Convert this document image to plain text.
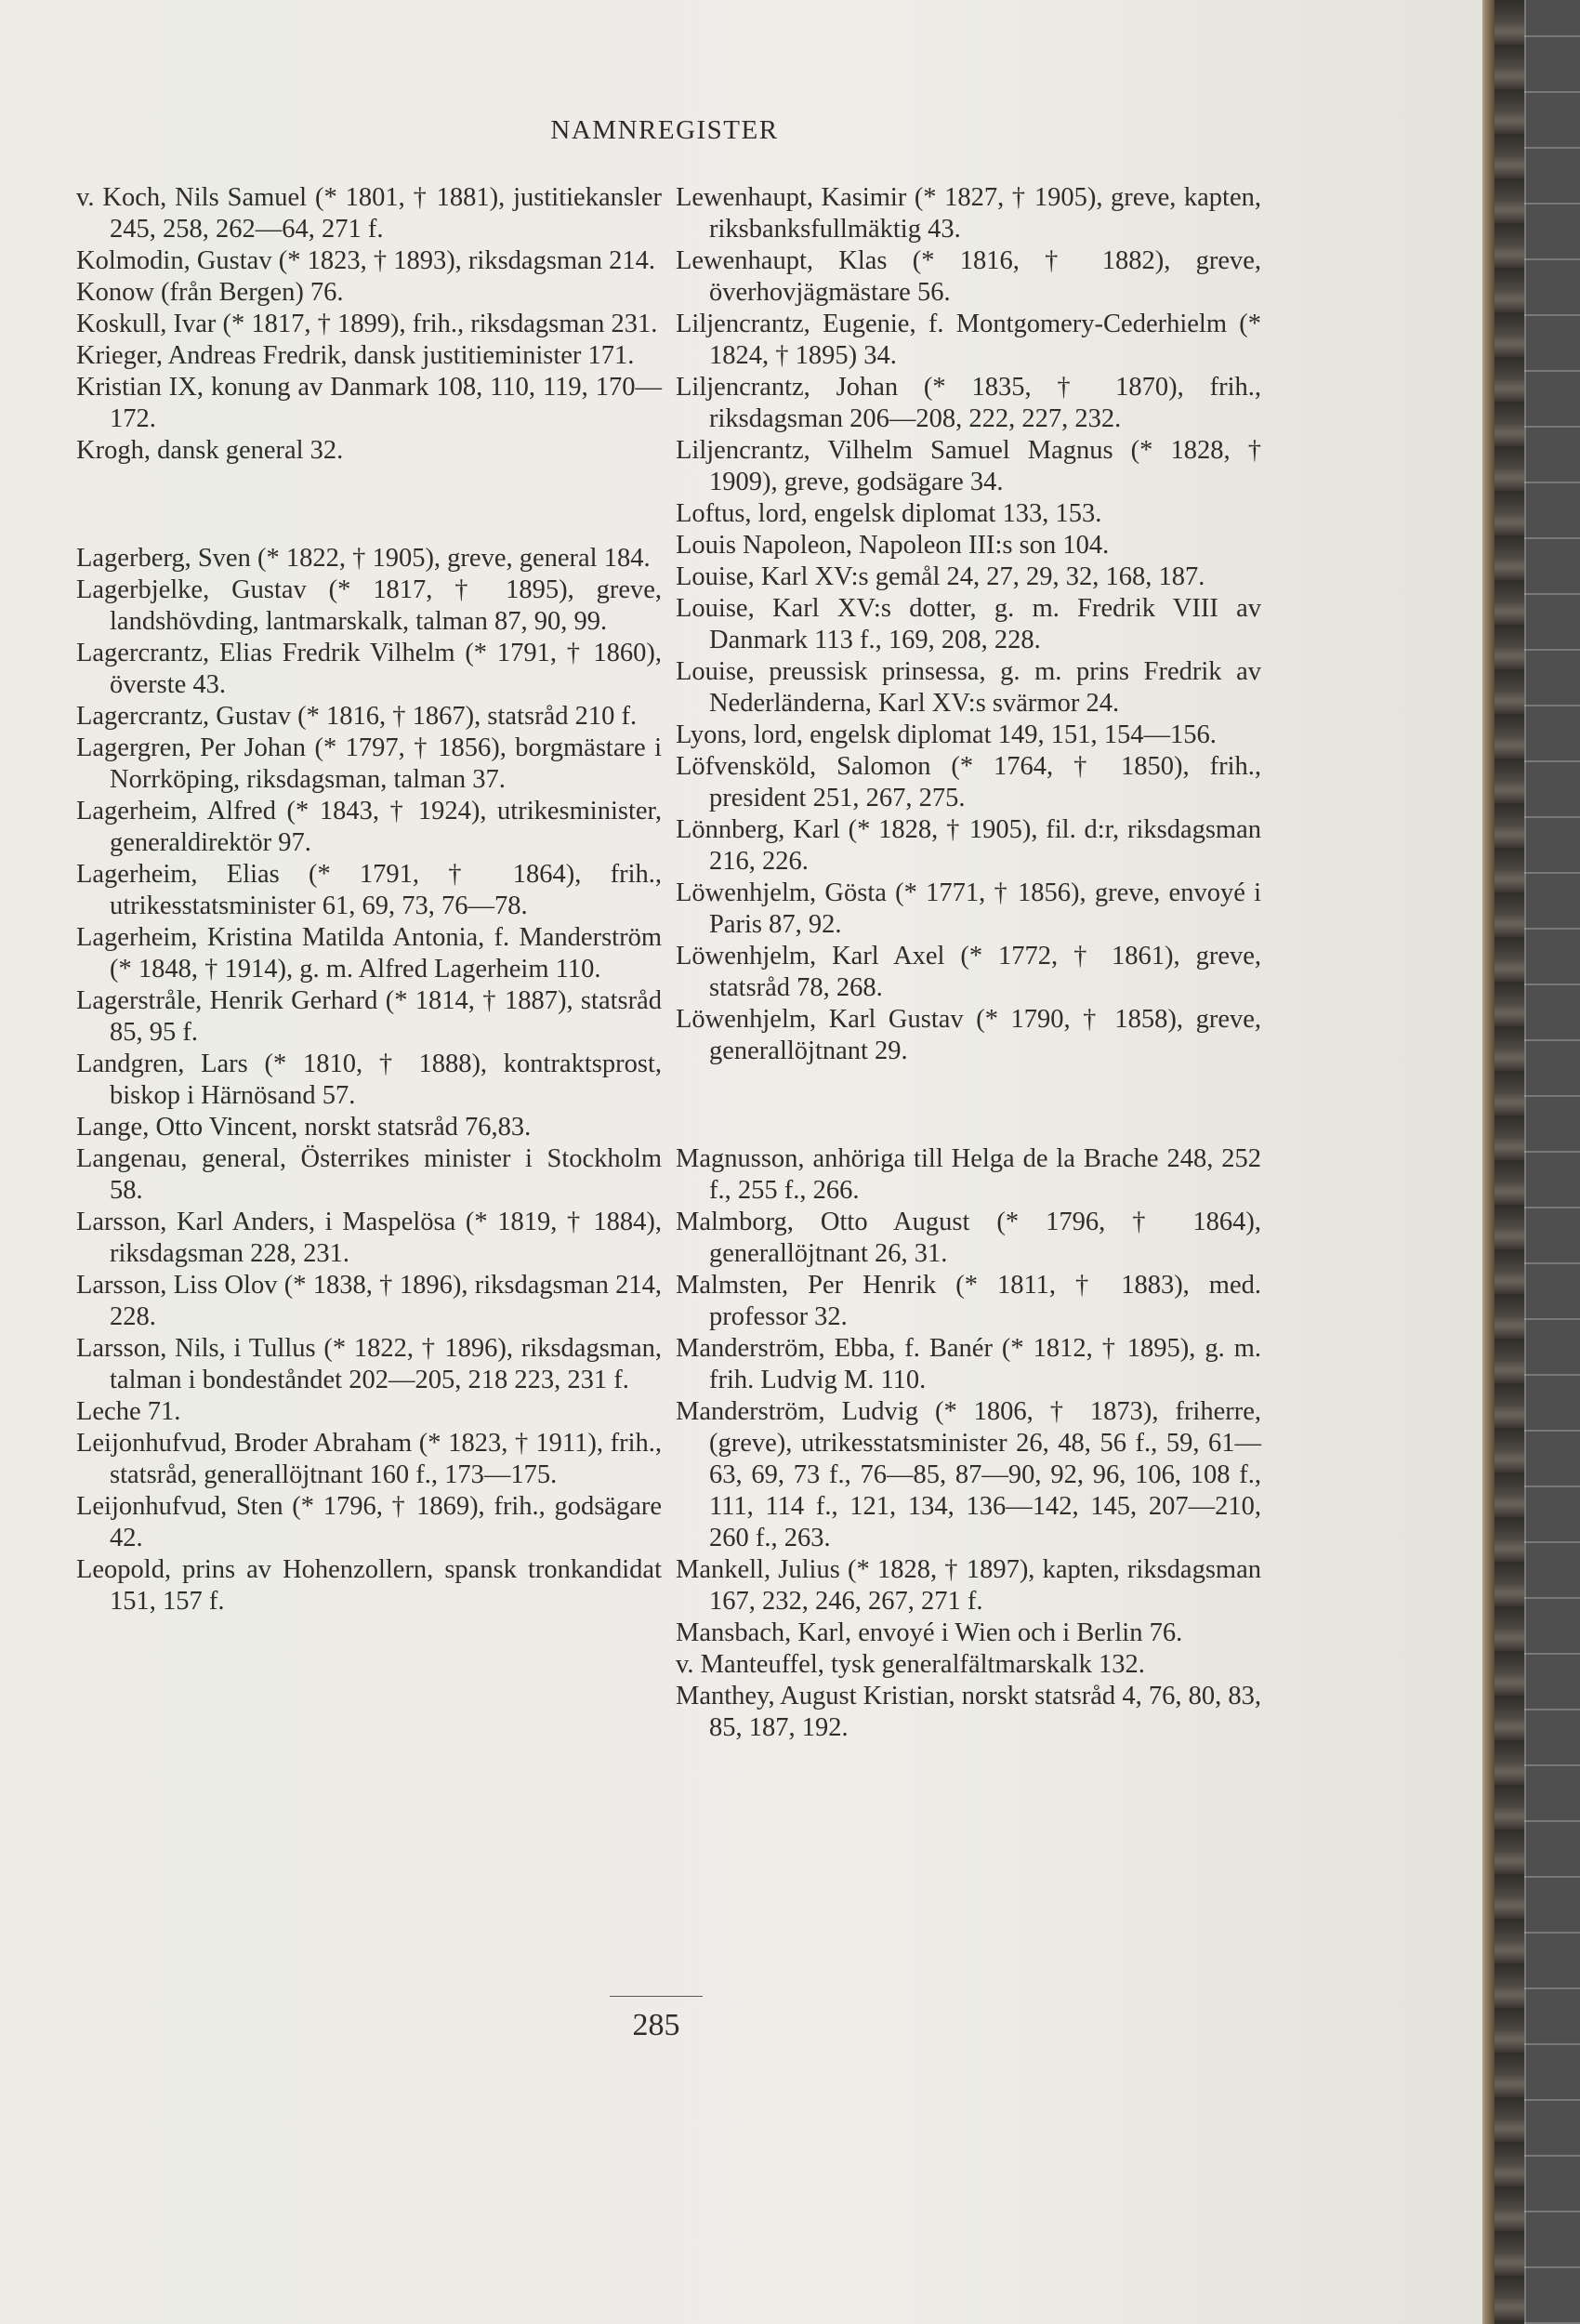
NAMNREGISTER

v. Koch, Nils Samuel (* 1801, † 1881), justitiekansler 245, 258, 262—64, 271 f.

Kolmodin, Gustav (* 1823, † 1893), riksdagsman 214.

Konow (från Bergen) 76.

Koskull, Ivar (* 1817, † 1899), frih., riksdagsman 231.

Krieger, Andreas Fredrik, dansk justitieminister 171.

Kristian IX, konung av Danmark 108, 110, 119, 170—172.

Krogh, dansk general 32.

Lagerberg, Sven (* 1822, † 1905), greve, general 184.

Lagerbjelke, Gustav (* 1817, † 1895), greve, landshövding, lantmarskalk, talman 87, 90, 99.

Lagercrantz, Elias Fredrik Vilhelm (* 1791, † 1860), överste 43.

Lagercrantz, Gustav (* 1816, † 1867), statsråd 210 f.

Lagergren, Per Johan (* 1797, † 1856), borgmästare i Norrköping, riksdagsman, talman 37.

Lagerheim, Alfred (* 1843, † 1924), utrikesminister, generaldirektör 97.

Lagerheim, Elias (* 1791, † 1864), frih., utrikesstatsminister 61, 69, 73, 76—78.

Lagerheim, Kristina Matilda Antonia, f. Manderström (* 1848, † 1914), g. m. Alfred Lagerheim 110.

Lagerstråle, Henrik Gerhard (* 1814, † 1887), statsråd 85, 95 f.

Landgren, Lars (* 1810, † 1888), kontraktsprost, biskop i Härnösand 57.

Lange, Otto Vincent, norskt statsråd 76,83.

Langenau, general, Österrikes minister i Stockholm 58.

Larsson, Karl Anders, i Maspelösa (* 1819, † 1884), riksdagsman 228, 231.

Larsson, Liss Olov (* 1838, † 1896), riksdagsman 214, 228.

Larsson, Nils, i Tullus (* 1822, † 1896), riksdagsman, talman i bondeståndet 202—205, 218 223, 231 f.

Leche 71.

Leijonhufvud, Broder Abraham (* 1823, † 1911), frih., statsråd, generallöjtnant 160 f., 173—175.

Leijonhufvud, Sten (* 1796, † 1869), frih., godsägare 42.

Leopold, prins av Hohenzollern, spansk tronkandidat 151, 157 f.

Lewenhaupt, Kasimir (* 1827, † 1905), greve, kapten, riksbanksfullmäktig 43.

Lewenhaupt, Klas (* 1816, † 1882), greve, överhovjägmästare 56.

Liljencrantz, Eugenie, f. Montgomery-Cederhielm (* 1824, † 1895) 34.

Liljencrantz, Johan (* 1835, † 1870), frih., riksdagsman 206—208, 222, 227, 232.

Liljencrantz, Vilhelm Samuel Magnus (* 1828, † 1909), greve, godsägare 34.

Loftus, lord, engelsk diplomat 133, 153.

Louis Napoleon, Napoleon III:s son 104.

Louise, Karl XV:s gemål 24, 27, 29, 32, 168, 187.

Louise, Karl XV:s dotter, g. m. Fredrik VIII av Danmark 113 f., 169, 208, 228.

Louise, preussisk prinsessa, g. m. prins Fredrik av Nederländerna, Karl XV:s svärmor 24.

Lyons, lord, engelsk diplomat 149, 151, 154—156.

Löfvensköld, Salomon (* 1764, † 1850), frih., president 251, 267, 275.

Lönnberg, Karl (* 1828, † 1905), fil. d:r, riksdagsman 216, 226.

Löwenhjelm, Gösta (* 1771, † 1856), greve, envoyé i Paris 87, 92.

Löwenhjelm, Karl Axel (* 1772, † 1861), greve, statsråd 78, 268.

Löwenhjelm, Karl Gustav (* 1790, † 1858), greve, generallöjtnant 29.

Magnusson, anhöriga till Helga de la Brache 248, 252 f., 255 f., 266.

Malmborg, Otto August (* 1796, † 1864), generallöjtnant 26, 31.

Malmsten, Per Henrik (* 1811, † 1883), med. professor 32.

Manderström, Ebba, f. Banér (* 1812, † 1895), g. m. frih. Ludvig M. 110.

Manderström, Ludvig (* 1806, † 1873), friherre, (greve), utrikesstatsminister 26, 48, 56 f., 59, 61—63, 69, 73 f., 76—85, 87—90, 92, 96, 106, 108 f., 111, 114 f., 121, 134, 136—142, 145, 207—210, 260 f., 263.

Mankell, Julius (* 1828, † 1897), kapten, riksdagsman 167, 232, 246, 267, 271 f.

Mansbach, Karl, envoyé i Wien och i Berlin 76.

v. Manteuffel, tysk generalfältmarskalk 132.

Manthey, August Kristian, norskt statsråd 4, 76, 80, 83, 85, 187, 192.

285
